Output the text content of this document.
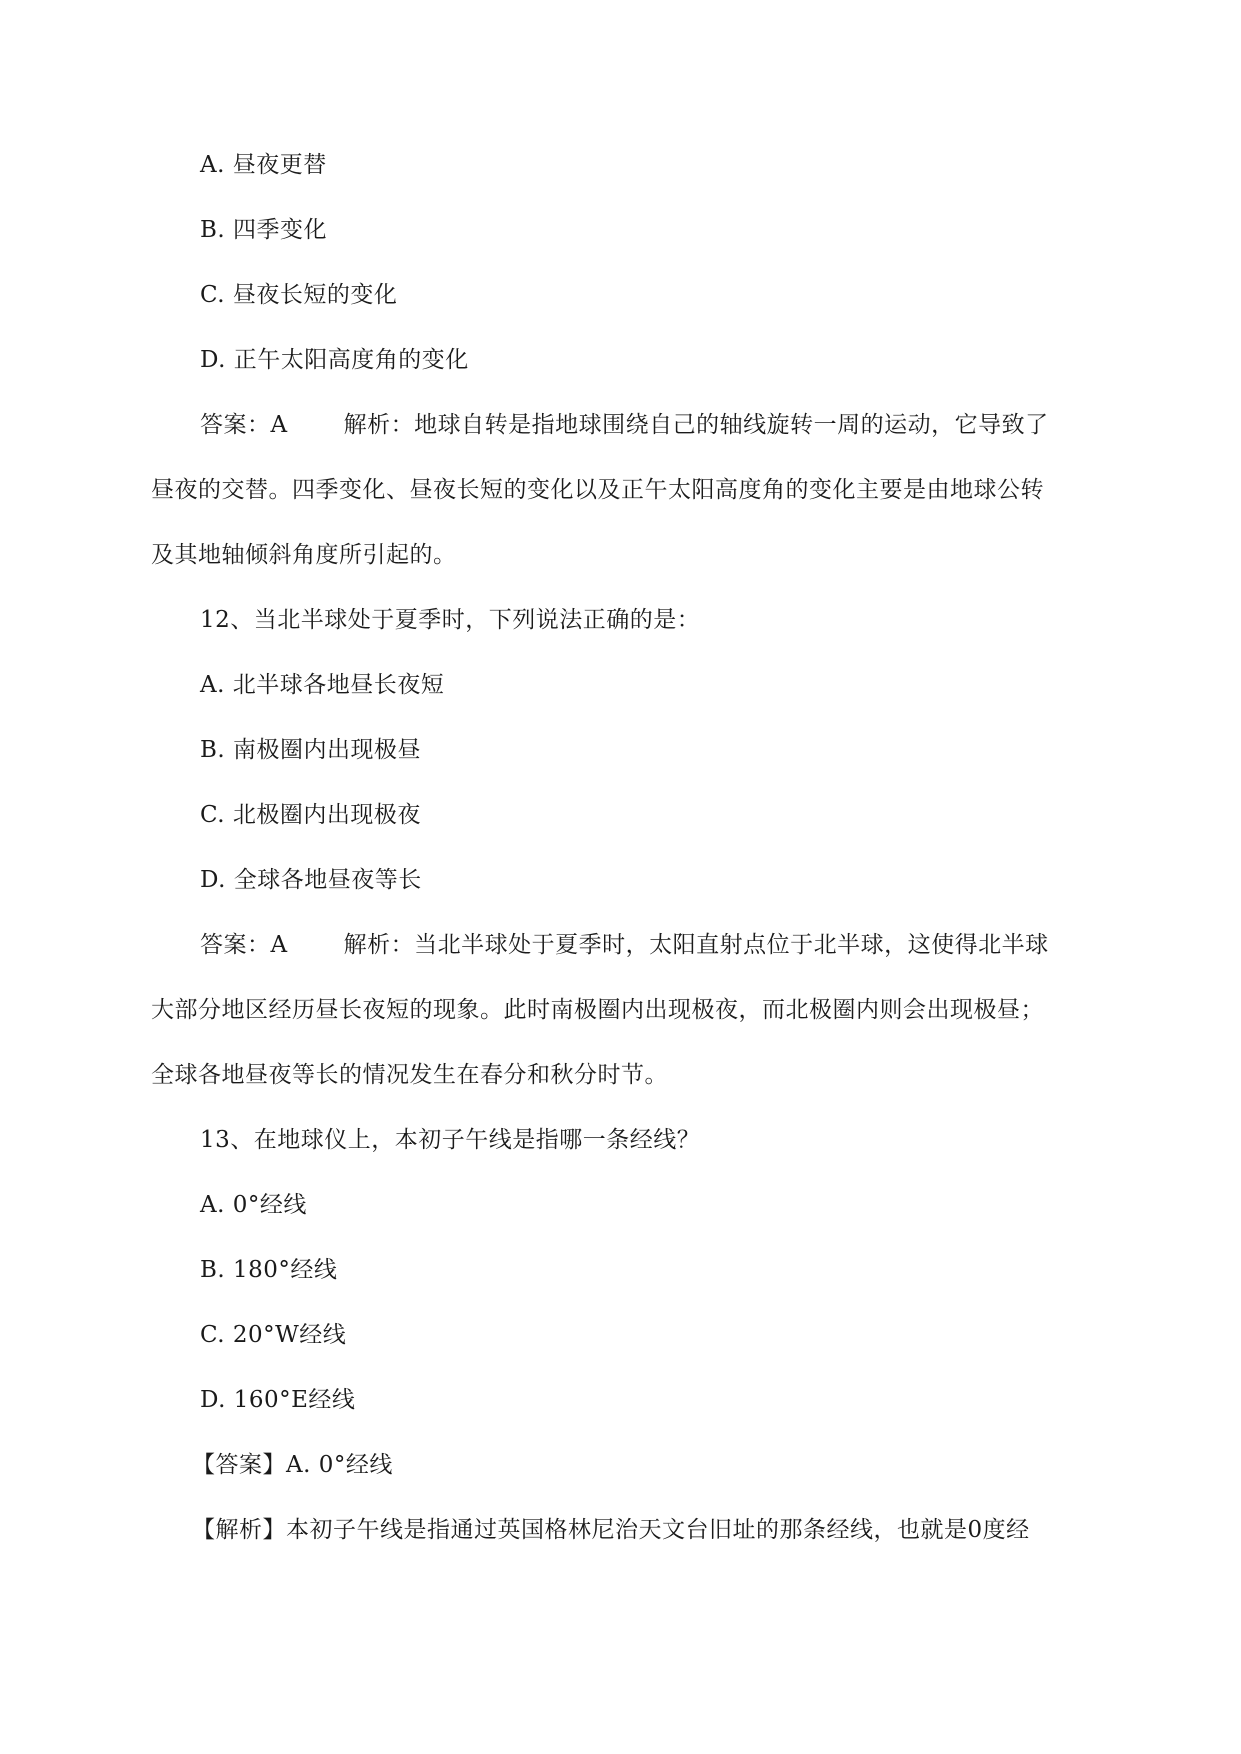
A. 昼夜更替
B. 四季变化
C. 昼夜长短的变化
D. 正午太阳高度角的变化
答案：A 解析：地球自转是指地球围绕自己的轴线旋转一周的运动，它导致了
昼夜的交替。四季变化、昼夜长短的变化以及正午太阳高度角的变化主要是由地球公转
及其地轴倾斜角度所引起的。
12、当北半球处于夏季时，下列说法正确的是：
A. 北半球各地昼长夜短
B. 南极圈内出现极昼
C. 北极圈内出现极夜
D. 全球各地昼夜等长
答案：A 解析：当北半球处于夏季时，太阳直射点位于北半球，这使得北半球
大部分地区经历昼长夜短的现象。此时南极圈内出现极夜，而北极圈内则会出现极昼；
全球各地昼夜等长的情况发生在春分和秋分时节。
13、在地球仪上，本初子午线是指哪一条经线？
A. 0°经线
B. 180°经线
C. 20°W经线
D. 160°E经线
【答案】A. 0°经线
【解析】本初子午线是指通过英国格林尼治天文台旧址的那条经线，也就是0度经
